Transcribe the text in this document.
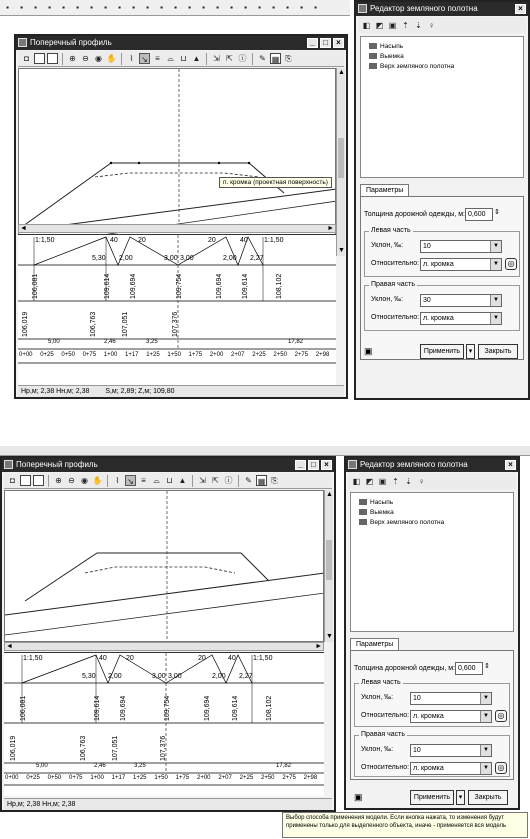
▪	▪	▪	▪	▪	▪	▪	▪	▪	▪	▪	▪	▪	▪	▪	▪	▪	▪	▪	▪	▪	▪	▪
Поперечный профиль	_	□	×
◘	⊕ ⊖ ◉ ✋	⌇ ↘ ≡ ⌓ ⊔ ▲ ⇲ ⇱ ⓘ ✎ ▦ ⎘
п. кромка (проектная поверхность)
▲
▼
◄	►
1:1,50	40	20	20	40 1:1,50
5,30 2,00	3,00 3,00	2,00 2,27
106,081	109,614	109,694	109,754	109,694	109,614	108,102
106,019	106,763	107,051	107,376
5,00	2,46	3,25	17,82
0+00 0+25 0+50 0+75 1+00 1+17 1+25 1+50 1+75 2+00 2+07 2+25 2+50 2+75 2+98
Hр,м; 2,38 Hн,м; 2,38 S,м; 2,89; Z,м; 109,80
Редактор земляного полотна	×
◧ ◩ ▣ ⇡ ⇣ ♀
Насыпь
Выемка
Верх земляного полотна
Параметры
Толщина дорожной одежды, м: 0,600	⇕
Левая часть
Уклон, ‰:	10	▼
Относительно: л. кромка	▼	◎
Правая часть
Уклон, ‰:	30	▼
Относительно: л. кромка	▼
▣	Применить	▾	Закрыть
Поперечный профиль	_	□	×
◘	⊕ ⊖ ◉ ✋	⌇ ↘ ≡ ⌓ ⊔ ▲ ⇲ ⇱ ⓘ ✎ ▦ ⎘
▲
▼
◄	►
1:1,50	40	20	20	40 1:1,50
5,30 2,00	3,00 3,00	2,00 2,27
106,081	109,614	109,694	109,754	109,694	109,614	108,102
106,019	106,763	107,051	107,376
5,00	2,46	3,25	17,82
0+00 0+25 0+50 0+75 1+00 1+17 1+25 1+50 1+75 2+00 2+07 2+25 2+50 2+75 2+98
Hр,м; 2,38 Hн,м; 2,38
Редактор земляного полотна	×
◧ ◩ ▣ ⇡ ⇣ ♀
Насыпь
Выемка
Верх земляного полотна
Параметры
Толщина дорожной одежды, м: 0,600	⇕
Левая часть
Уклон, ‰:	10	▼
Относительно: л. кромка	▼	◎
Правая часть
Уклон, ‰:	10	▼
Относительно: л. кромка	▼	◎
▣	Применить	▾	Закрыть
Выбор способа применения модели. Если кнопка нажата, то изменения будут применены только для выделенного объекта, иначе - применяется вся модель
